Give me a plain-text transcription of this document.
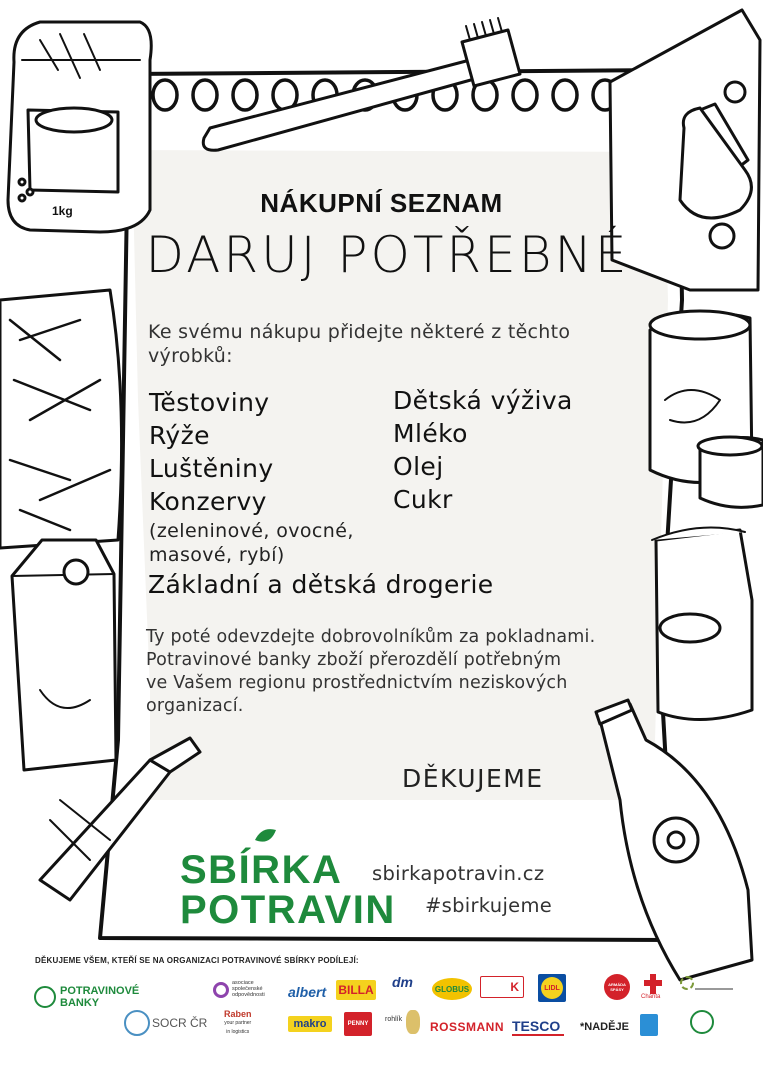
NÁKUPNÍ SEZNAM
DARUJ POTŘEBNÉ
Ke svému nákupu přidejte některé z těchto výrobků:
Těstoviny
Rýže
Luštěniny
Konzervy
(zeleninové, ovocné,
masové, rybí)
Dětská výživa
Mléko
Olej
Cukr
Základní a dětská drogerie
Ty poté odevzdejte dobrovolníkům za pokladnami.
Potravinové banky zboží přerozdělí potřebným
ve Vašem regionu prostřednictvím neziskových
organizací.
DĚKUJEME
SBÍRKA
POTRAVIN
sbirkapotravin.cz
#sbirkujeme
1kg
DĚKUJEME VŠEM, KTEŘÍ SE NA ORGANIZACI POTRAVINOVÉ SBÍRKY PODÍLEJÍ:
POTRAVINOVÉ
BANKY
SOCR ČR
asociace
společenské
odpovědnosti
Raben
your partner
in logistics
albert BILLA dm	GLOBUS	K	LIDL
makro	PENNY
rohlík
ROSSMANN TESCO *NADĚJE
ARMÁDA SPÁSY
Charita
